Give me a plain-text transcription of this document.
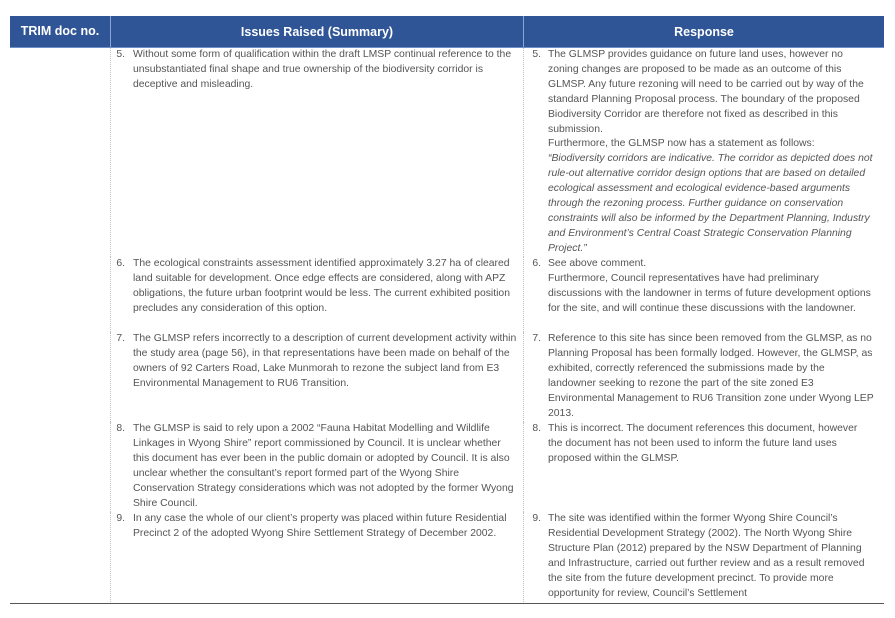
TRIM doc no.	Issues Raised (Summary)	Response
5. Without some form of qualification within the draft LMSP continual reference to the unsubstantiated final shape and true ownership of the biodiversity corridor is deceptive and misleading.
5. The GLMSP provides guidance on future land uses, however no zoning changes are proposed to be made as an outcome of this GLMSP. Any future rezoning will need to be carried out by way of the standard Planning Proposal process. The boundary of the proposed Biodiversity Corridor are therefore not fixed as described in this submission.
Furthermore, the GLMSP now has a statement as follows:
“Biodiversity corridors are indicative. The corridor as depicted does not rule-out alternative corridor design options that are based on detailed ecological assessment and ecological evidence-based arguments through the rezoning process. Further guidance on conservation constraints will also be informed by the Department Planning, Industry and Environment’s Central Coast Strategic Conservation Planning Project.”
6. The ecological constraints assessment identified approximately 3.27 ha of cleared land suitable for development. Once edge effects are considered, along with APZ obligations, the future urban footprint would be less. The current exhibited position precludes any consideration of this option.
6. See above comment.
Furthermore, Council representatives have had preliminary discussions with the landowner in terms of future development options for the site, and will continue these discussions with the landowner.
7. The GLMSP refers incorrectly to a description of current development activity within the study area (page 56), in that representations have been made on behalf of the owners of 92 Carters Road, Lake Munmorah to rezone the subject land from E3 Environmental Management to RU6 Transition.
7. Reference to this site has since been removed from the GLMSP, as no Planning Proposal has been formally lodged. However, the GLMSP, as exhibited, correctly referenced the submissions made by the landowner seeking to rezone the part of the site zoned E3 Environmental Management to RU6 Transition zone under Wyong LEP 2013.
8. The GLMSP is said to rely upon a 2002 “Fauna Habitat Modelling and Wildlife Linkages in Wyong Shire” report commissioned by Council. It is unclear whether this document has ever been in the public domain or adopted by Council. It is also unclear whether the consultant’s report formed part of the Wyong Shire Conservation Strategy considerations which was not adopted by the former Wyong Shire Council.
8. This is incorrect. The document references this document, however the document has not been used to inform the future land uses proposed within the GLMSP.
9. In any case the whole of our client’s property was placed within future Residential Precinct 2 of the adopted Wyong Shire Settlement Strategy of December 2002.
9. The site was identified within the former Wyong Shire Council’s Residential Development Strategy (2002). The North Wyong Shire Structure Plan (2012) prepared by the NSW Department of Planning and Infrastructure, carried out further review and as a result removed the site from the future development precinct. To provide more opportunity for review, Council’s Settlement
